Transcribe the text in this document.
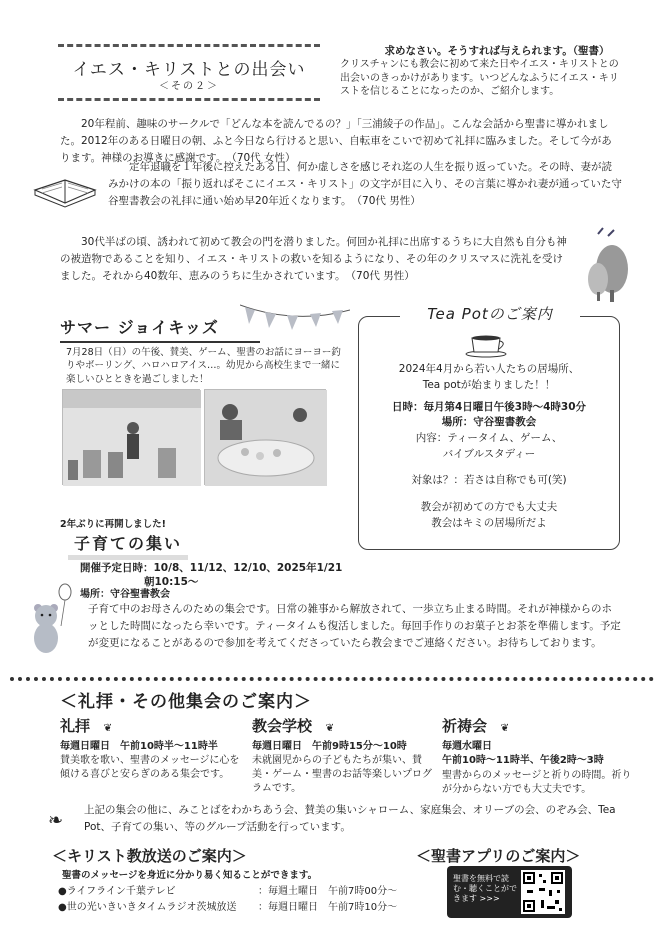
イエス・キリストとの出会い
＜その２＞
求めなさい。そうすれば与えられます。（聖書）
クリスチャンにも教会に初めて来た日やイエス・キリストとの出会いのきっかけがあります。いつどんなふうにイエス・キリストを信じることになったのか、ご紹介します。
20年程前、趣味のサークルで「どんな本を読んでるの？」「三浦綾子の作品」。こんな会話から聖書に導かれました。2012年のある日曜日の朝、ふと今日なら行けると思い、自転車をこいで初めて礼拝に臨みました。そして今があります。神様のお導きに感謝です。　（70代 女性）
定年退職を１年後に控えたある日、何か虚しさを感じそれ迄の人生を振り返っていた。その時、妻が読みかけの本の「振り返ればそこにイエス・キリスト」の文字が目に入り、その言葉に導かれ妻が通っていた守谷聖書教会の礼拝に通い始め早20年近くなります。　（70代 男性）
30代半ばの頃、誘われて初めて教会の門を潜りました。何回か礼拝に出席するうちに大自然も自分も神の被造物であることを知り、イエス・キリストの救いを知るようになり、その年のクリスマスに洗礼を受けました。それから40数年、恵みのうちに生かされています。　（70代 男性）
サマー ジョイキッズ
7月28日（日）の午後、賛美、ゲーム、聖書のお話にヨーヨー釣りやボーリング、ハロハロアイス…。幼児から高校生まで一緒に楽しいひとときを過ごしました！
Tea Potのご案内
2024年4月から若い人たちの居場所、
Tea potが始まりました！！
日時：毎月第4日曜日午後3時～4時30分
場所：守谷聖書教会
内容：ティータイム、ゲーム、
バイブルスタディー
対象は？：若さは自称でも可(笑)
教会が初めての方でも大丈夫
教会はキミの居場所だよ
2年ぶりに再開しました!
子育ての集い
開催予定日時：10/8、11/12、12/10、2025年1/21
朝10:15～
場所：守谷聖書教会
子育て中のお母さんのための集会です。日常の雑事から解放されて、一歩立ち止まる時間。それが神様からのホッとした時間になったら幸いです。ティータイムも復活しました。毎回手作りのお菓子とお茶を準備します。予定が変更になることがあるので参加を考えてくださっていたら教会までご連絡ください。お待ちしております。
＜礼拝・その他集会のご案内＞
礼拝 ❦
毎週日曜日　午前10時半～11時半
賛美歌を歌い、聖書のメッセージに心を傾ける喜びと安らぎのある集会です。
教会学校 ❦
毎週日曜日　午前9時15分～10時
未就園児からの子どもたちが集い、賛美・ゲーム・聖書のお話等楽しいプログラムです。
祈祷会 ❦
毎週水曜日
午前10時～11時半、午後2時～3時
聖書からのメッセージと祈りの時間。祈りが分からない方でも大丈夫です。
❧ 上記の集会の他に、みことばをわかちあう会、賛美の集いシャローム、家庭集会、オリーブの会、のぞみ会、Tea Pot、子育ての集い、等のグループ活動を行っています。
＜キリスト教放送のご案内＞
聖書のメッセージを身近に分かり易く知ることができます。
●ライフライン千葉テレビ	：毎週土曜日　午前7時00分～
●世の光いきいきタイムラジオ茨城放送 ：毎週日曜日　午前7時10分～
＜聖書アプリのご案内＞
聖書を無料で読む・聴くことができます >>>
